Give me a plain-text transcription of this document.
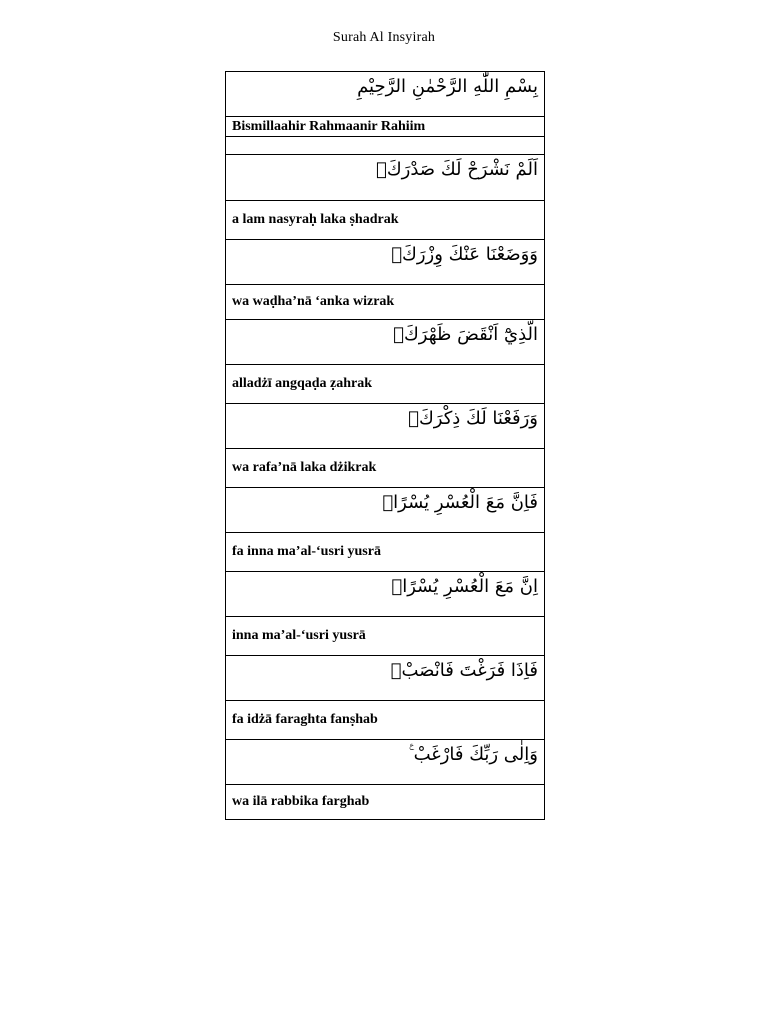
Surah Al Insyirah
بِسْمِ اللّٰهِ الرَّحْمٰنِ الرَّحِيْمِ
Bismillaahir Rahmaanir Rahiim

اَلَمْ نَشْرَحْ لَكَ صَدْرَكَۙ
a lam nasyraḥ laka ṣhadrak
وَوَضَعْنَا عَنْكَ وِزْرَكَۙ
wa waḍha’nā ‘anka wizrak
الَّذِيْٓ اَنْقَضَ ظَهْرَكَۙ
alladżī angqaḍa ẓahrak
وَرَفَعْنَا لَكَ ذِكْرَكَۗ
wa rafa’nā laka dżikrak
فَاِنَّ مَعَ الْعُسْرِ يُسْرًاۙ
fa inna ma’al-‘usri yusrā
اِنَّ مَعَ الْعُسْرِ يُسْرًاۗ
inna ma’al-‘usri yusrā
فَاِذَا فَرَغْتَ فَانْصَبْۙ
fa idżā faraghta fanṣhab
وَاِلٰى رَبِّكَ فَارْغَبْ ࣖ
wa ilā rabbika farghab
